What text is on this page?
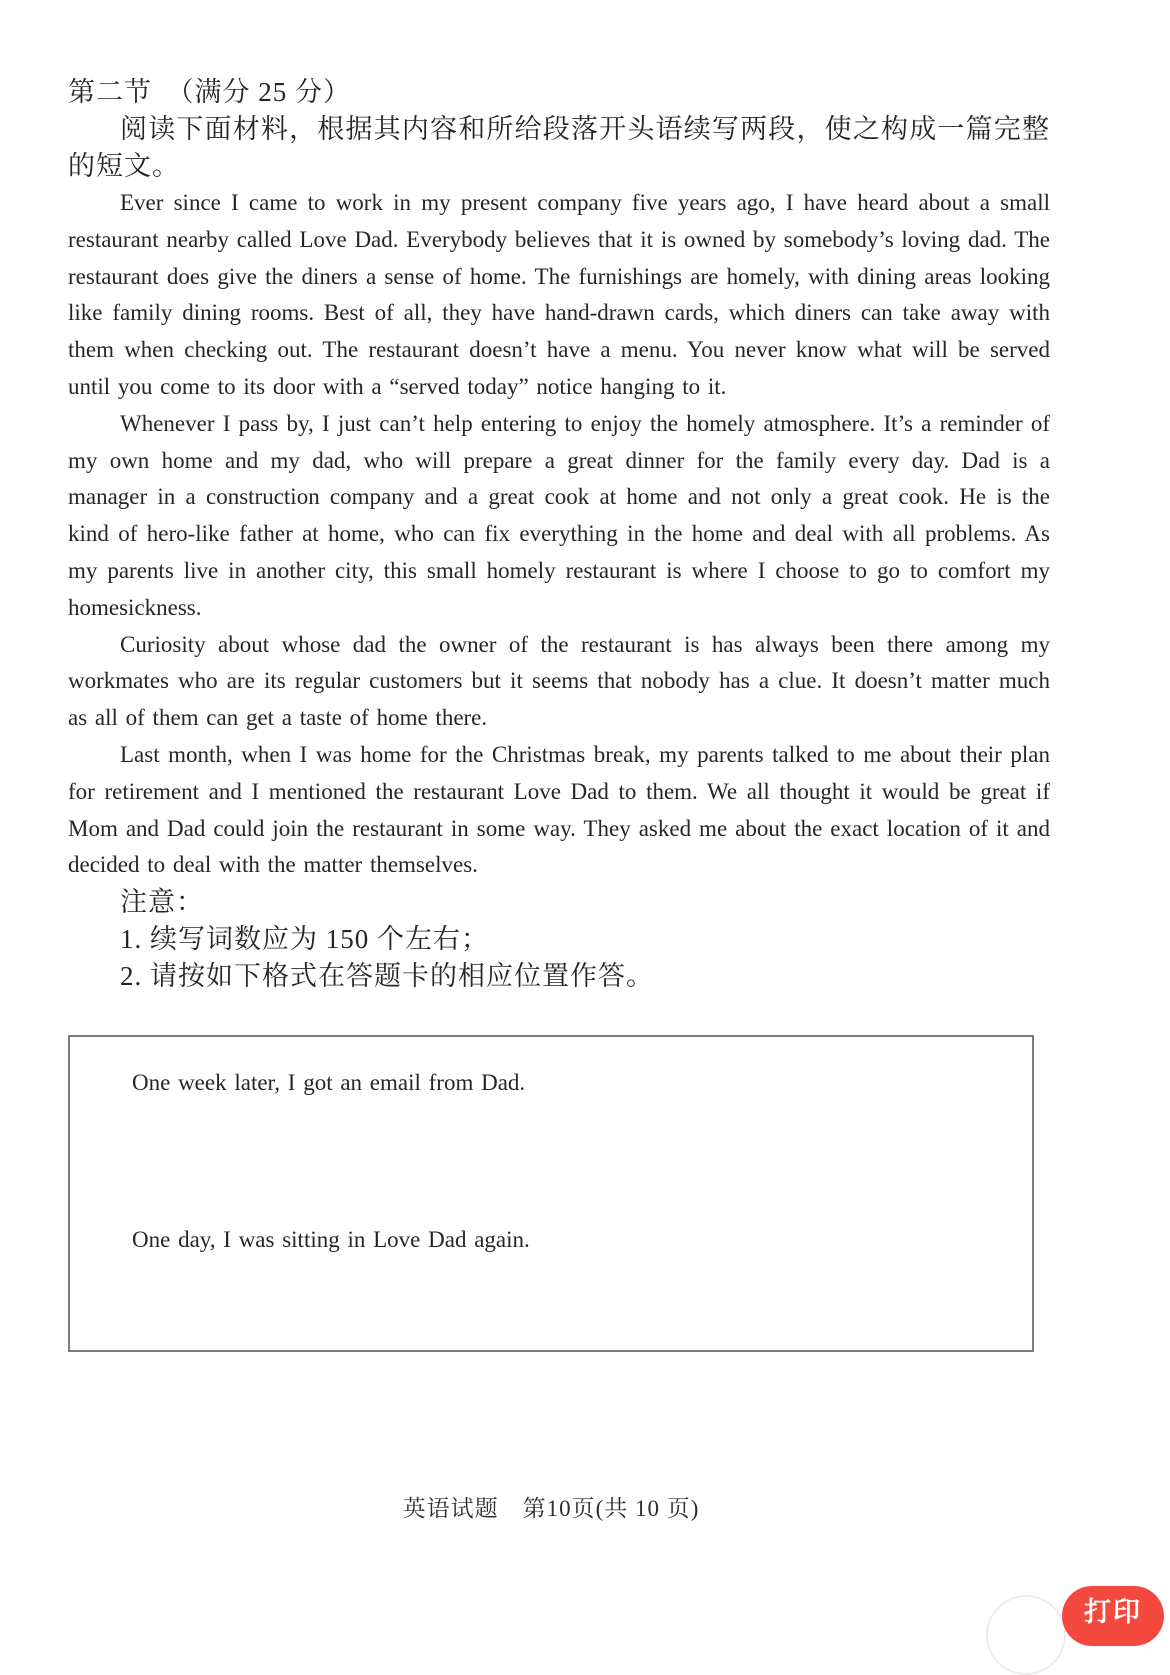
第二节　（满分 25 分）

阅读下面材料，根据其内容和所给段落开头语续写两段，使之构成一篇完整的短文。

Ever since I came to work in my present company five years ago, I have heard about a small restaurant nearby called Love Dad. Everybody believes that it is owned by somebody’s loving dad. The restaurant does give the diners a sense of home. The furnishings are homely, with dining areas looking like family dining rooms. Best of all, they have hand-drawn cards, which diners can take away with them when checking out. The restaurant doesn’t have a menu. You never know what will be served until you come to its door with a “served today” notice hanging to it.

Whenever I pass by, I just can’t help entering to enjoy the homely atmosphere. It’s a reminder of my own home and my dad, who will prepare a great dinner for the family every day. Dad is a manager in a construction company and a great cook at home and not only a great cook. He is the kind of hero-like father at home, who can fix everything in the home and deal with all problems. As my parents live in another city, this small homely restaurant is where I choose to go to comfort my homesickness.

Curiosity about whose dad the owner of the restaurant is has always been there among my workmates who are its regular customers but it seems that nobody has a clue. It doesn’t matter much as all of them can get a taste of home there.

Last month, when I was home for the Christmas break, my parents talked to me about their plan for retirement and I mentioned the restaurant Love Dad to them. We all thought it would be great if Mom and Dad could join the restaurant in some way. They asked me about the exact location of it and decided to deal with the matter themselves.

注意：

1. 续写词数应为 150 个左右；

2. 请按如下格式在答题卡的相应位置作答。

One week later, I got an email from Dad.

One day, I was sitting in Love Dad again.

英语试题　第10页(共 10 页)
打印
